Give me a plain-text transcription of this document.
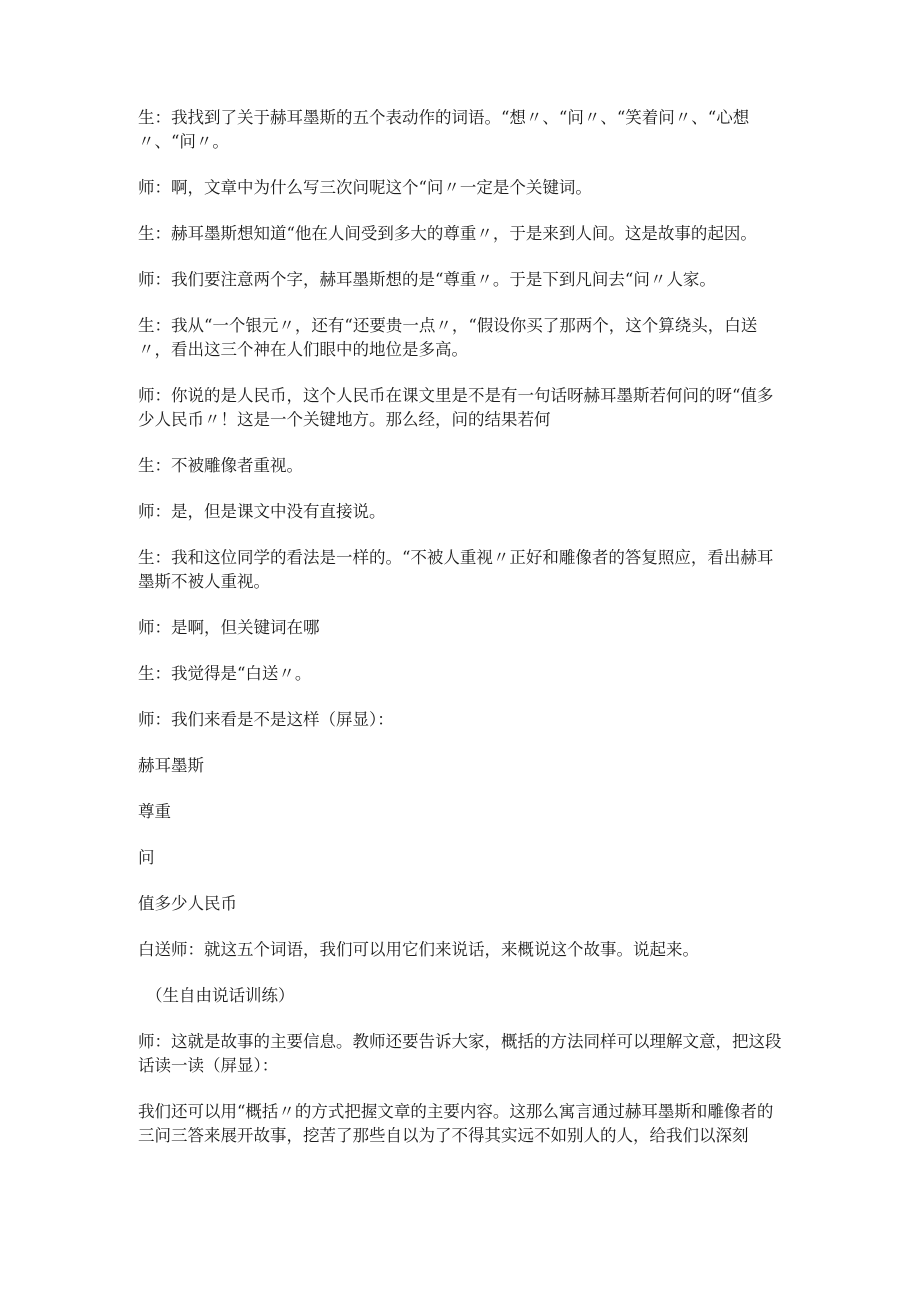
生：我找到了关于赫耳墨斯的五个表动作的词语。“想〃、“问〃、“笑着问〃、“心想〃、“问〃。

师：啊，文章中为什么写三次问呢这个“问〃一定是个关键词。

生：赫耳墨斯想知道“他在人间受到多大的尊重〃，于是来到人间。这是故事的起因。

师：我们要注意两个字，赫耳墨斯想的是“尊重〃。于是下到凡间去“问〃人家。

生：我从“一个银元〃，还有“还要贵一点〃，“假设你买了那两个，这个算绕头，白送〃，看出这三个神在人们眼中的地位是多高。

师：你说的是人民币，这个人民币在课文里是不是有一句话呀赫耳墨斯若何问的呀“值多少人民币〃！这是一个关键地方。那么经，问的结果若何

生：不被雕像者重视。

师：是，但是课文中没有直接说。

生：我和这位同学的看法是一样的。“不被人重视〃正好和雕像者的答复照应，看出赫耳墨斯不被人重视。

师：是啊，但关键词在哪

生：我觉得是“白送〃。

师：我们来看是不是这样（屏显）：

赫耳墨斯

尊重

问

值多少人民币

白送师：就这五个词语，我们可以用它们来说话，来概说这个故事。说起来。

（生自由说话训练）

师：这就是故事的主要信息。教师还要告诉大家，概括的方法同样可以理解文意，把这段话读一读（屏显）：

我们还可以用“概括〃的方式把握文章的主要内容。这那么寓言通过赫耳墨斯和雕像者的三问三答来展开故事，挖苦了那些自以为了不得其实远不如别人的人，给我们以深刻
